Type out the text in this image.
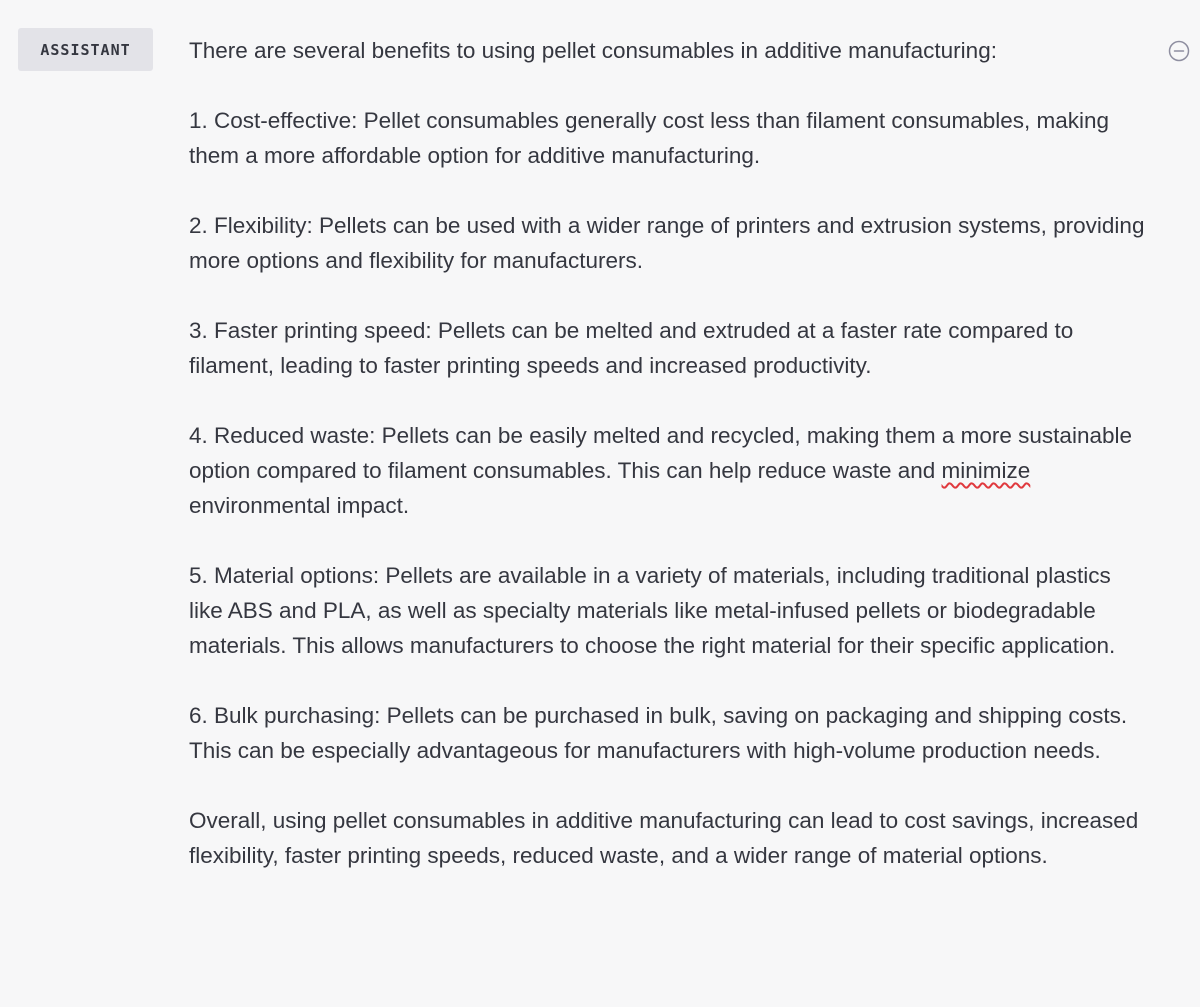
ASSISTANT	There are several benefits to using pellet consumables in additive manufacturing:

1. Cost-effective: Pellet consumables generally cost less than filament consumables, making them a more affordable option for additive manufacturing.

2. Flexibility: Pellets can be used with a wider range of printers and extrusion systems, providing more options and flexibility for manufacturers.

3. Faster printing speed: Pellets can be melted and extruded at a faster rate compared to filament, leading to faster printing speeds and increased productivity.

4. Reduced waste: Pellets can be easily melted and recycled, making them a more sustainable option compared to filament consumables. This can help reduce waste and minimize environmental impact.

5. Material options: Pellets are available in a variety of materials, including traditional plastics like ABS and PLA, as well as specialty materials like metal-infused pellets or biodegradable materials. This allows manufacturers to choose the right material for their specific application.

6. Bulk purchasing: Pellets can be purchased in bulk, saving on packaging and shipping costs. This can be especially advantageous for manufacturers with high-volume production needs.

Overall, using pellet consumables in additive manufacturing can lead to cost savings, increased flexibility, faster printing speeds, reduced waste, and a wider range of material options.
